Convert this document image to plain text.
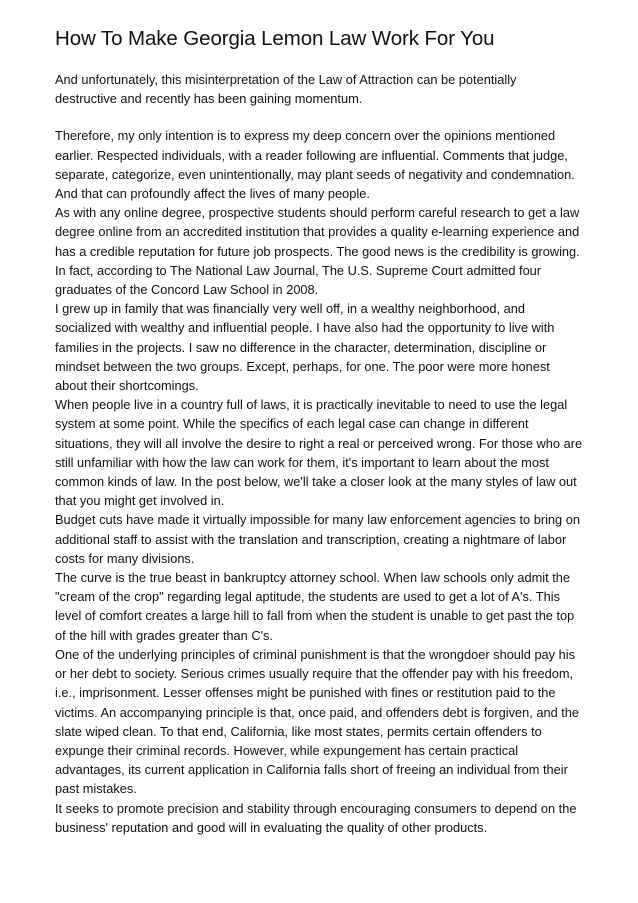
How To Make Georgia Lemon Law Work For You

And unfortunately, this misinterpretation of the Law of Attraction can be potentially
destructive and recently has been gaining momentum.

Therefore, my only intention is to express my deep concern over the opinions mentioned
earlier. Respected individuals, with a reader following are influential. Comments that judge,
separate, categorize, even unintentionally, may plant seeds of negativity and condemnation.
And that can profoundly affect the lives of many people.

As with any online degree, prospective students should perform careful research to get a law
degree online from an accredited institution that provides a quality e-learning experience and
has a credible reputation for future job prospects. The good news is the credibility is growing.
In fact, according to The National Law Journal, The U.S. Supreme Court admitted four
graduates of the Concord Law School in 2008.

I grew up in family that was financially very well off, in a wealthy neighborhood, and
socialized with wealthy and influential people. I have also had the opportunity to live with
families in the projects. I saw no difference in the character, determination, discipline or
mindset between the two groups. Except, perhaps, for one. The poor were more honest
about their shortcomings.

When people live in a country full of laws, it is practically inevitable to need to use the legal
system at some point. While the specifics of each legal case can change in different
situations, they will all involve the desire to right a real or perceived wrong. For those who are
still unfamiliar with how the law can work for them, it's important to learn about the most
common kinds of law. In the post below, we'll take a closer look at the many styles of law out
that you might get involved in.

Budget cuts have made it virtually impossible for many law enforcement agencies to bring on
additional staff to assist with the translation and transcription, creating a nightmare of labor
costs for many divisions.

The curve is the true beast in bankruptcy attorney school. When law schools only admit the
"cream of the crop" regarding legal aptitude, the students are used to get a lot of A's. This
level of comfort creates a large hill to fall from when the student is unable to get past the top
of the hill with grades greater than C's.

One of the underlying principles of criminal punishment is that the wrongdoer should pay his
or her debt to society. Serious crimes usually require that the offender pay with his freedom,
i.e., imprisonment. Lesser offenses might be punished with fines or restitution paid to the
victims. An accompanying principle is that, once paid, and offenders debt is forgiven, and the
slate wiped clean. To that end, California, like most states, permits certain offenders to
expunge their criminal records. However, while expungement has certain practical
advantages, its current application in California falls short of freeing an individual from their
past mistakes.

It seeks to promote precision and stability through encouraging consumers to depend on the
business' reputation and good will in evaluating the quality of other products.
